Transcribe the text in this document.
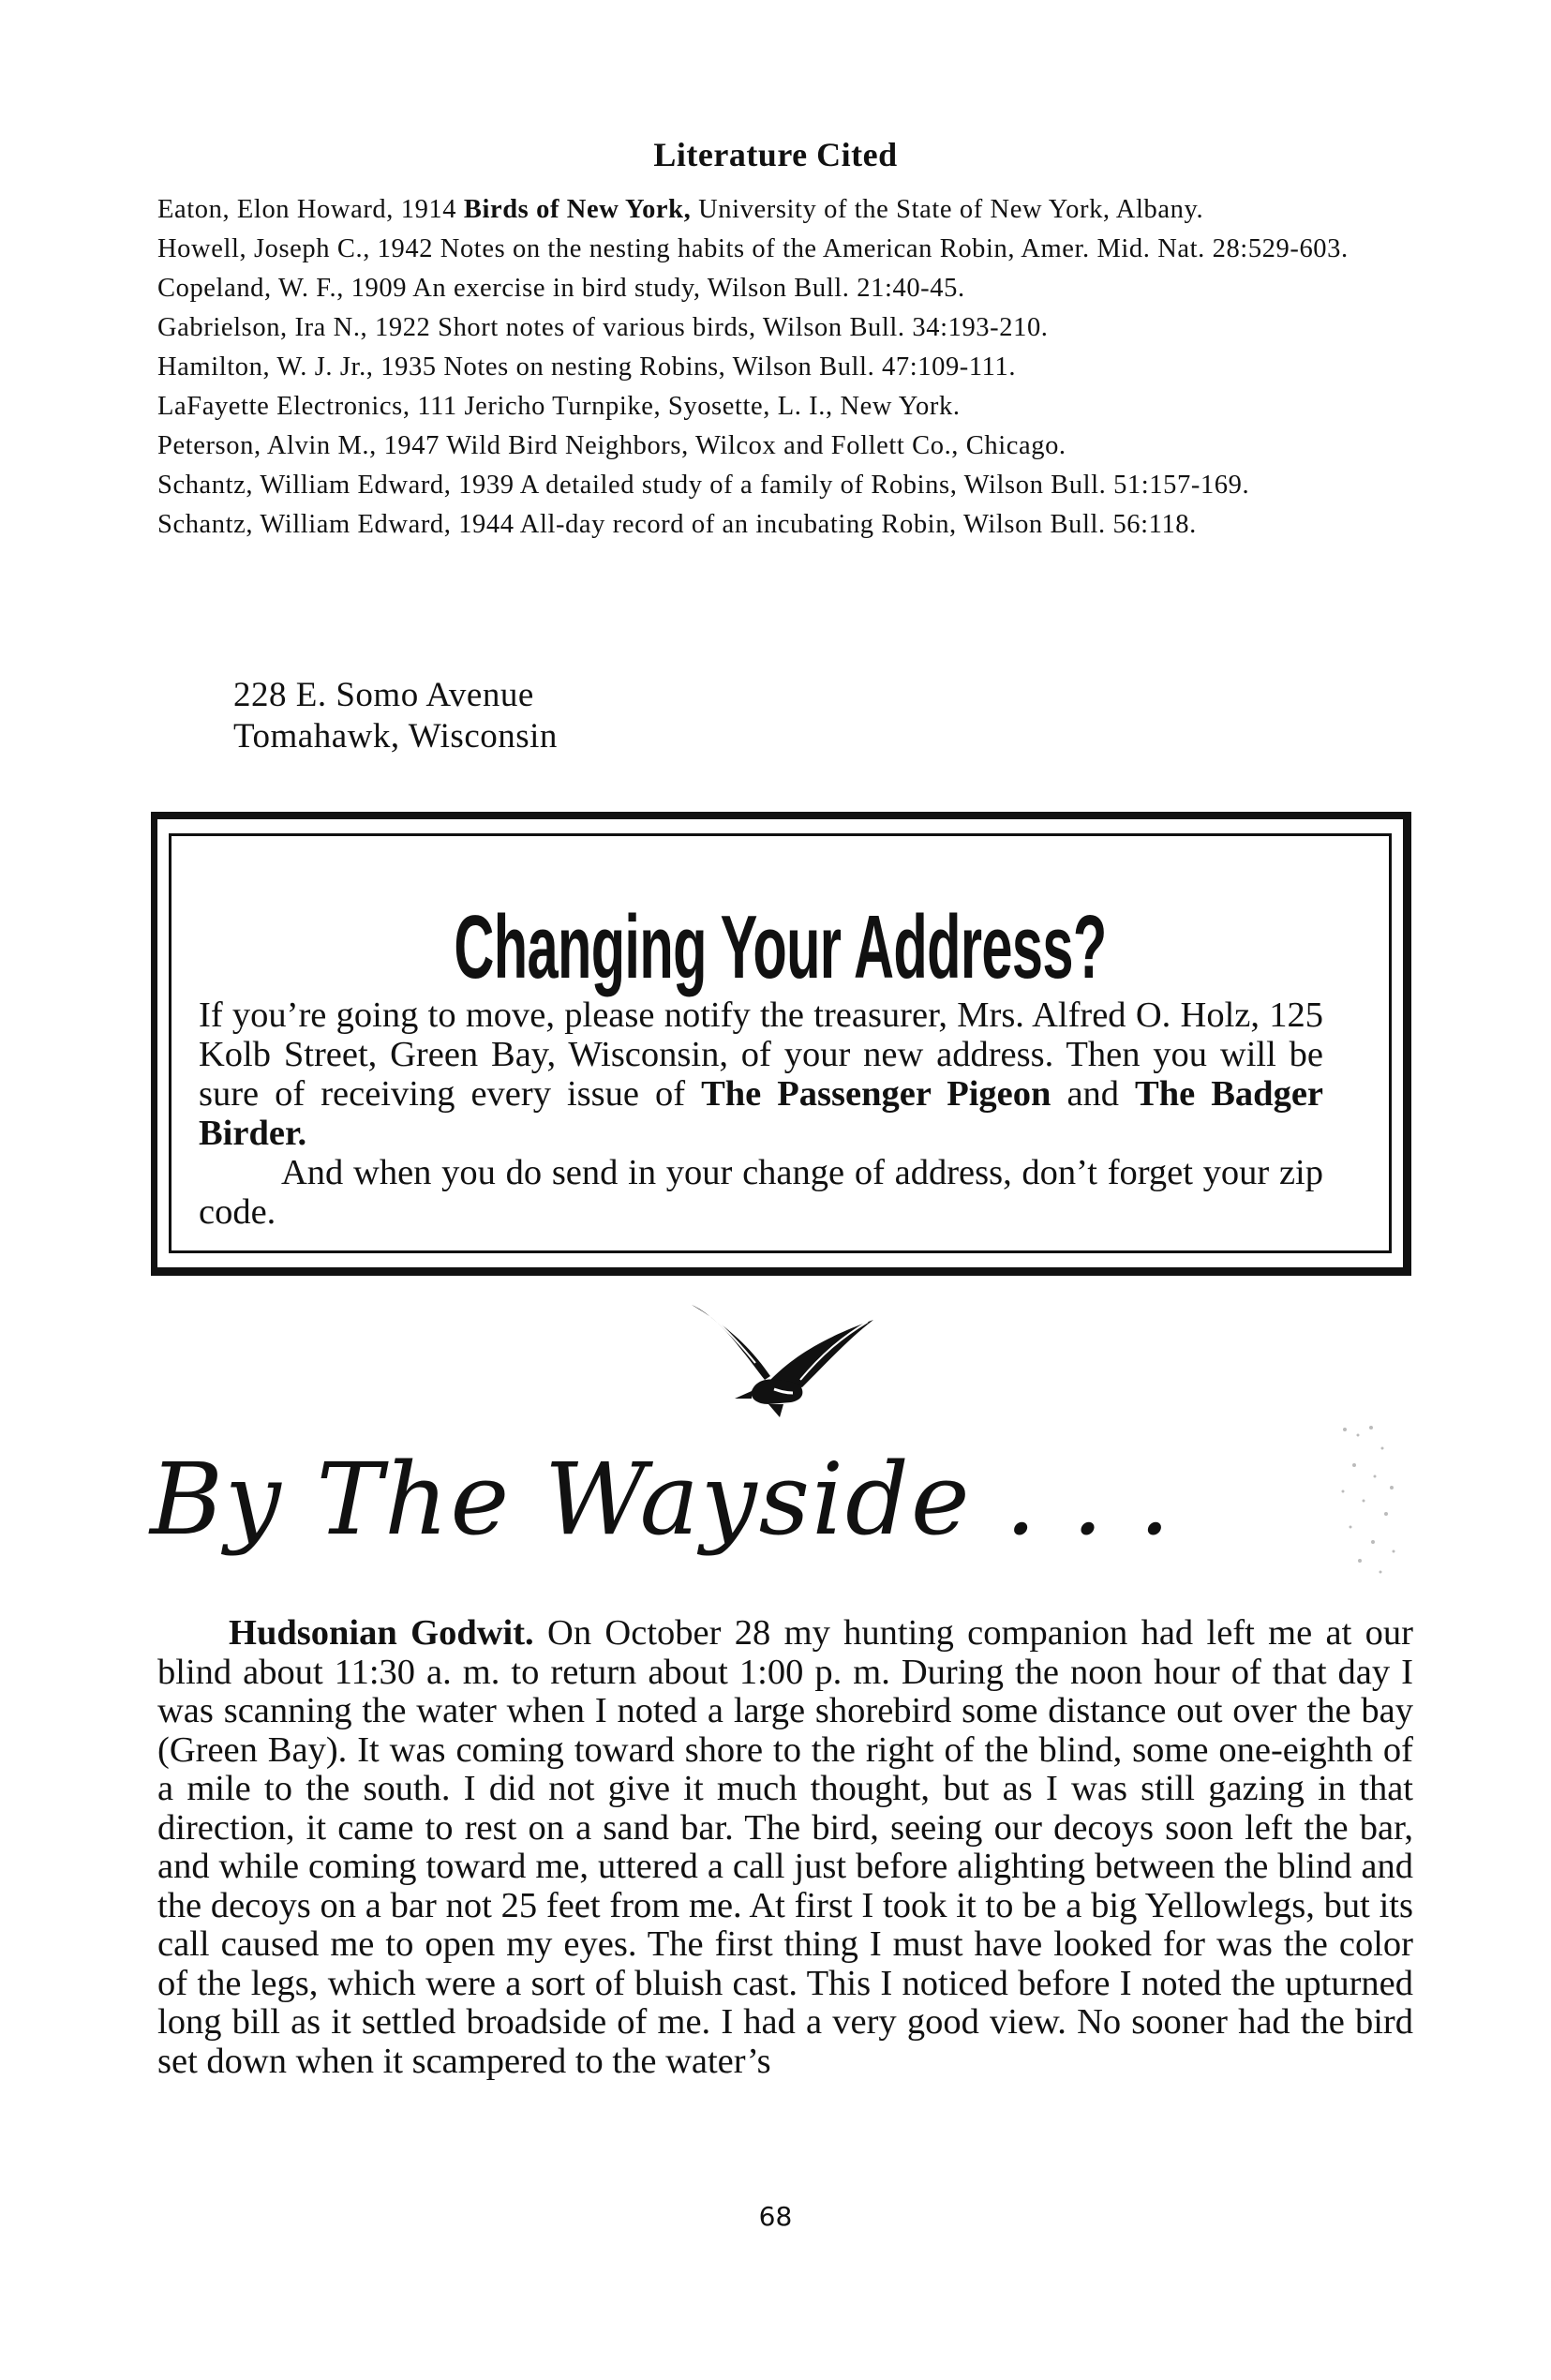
Literature Cited

Eaton, Elon Howard, 1914 Birds of New York, University of the State of New York, Albany.

Howell, Joseph C., 1942 Notes on the nesting habits of the American Robin, Amer. Mid. Nat. 28:529-603.

Copeland, W. F., 1909 An exercise in bird study, Wilson Bull. 21:40-45.

Gabrielson, Ira N., 1922 Short notes of various birds, Wilson Bull. 34:193-210.

Hamilton, W. J. Jr., 1935 Notes on nesting Robins, Wilson Bull. 47:109-111.

LaFayette Electronics, 111 Jericho Turnpike, Syosette, L. I., New York.

Peterson, Alvin M., 1947 Wild Bird Neighbors, Wilcox and Follett Co., Chicago.

Schantz, William Edward, 1939 A detailed study of a family of Robins, Wilson Bull. 51:157-169.

Schantz, William Edward, 1944 All-day record of an incubating Robin, Wilson Bull. 56:118.

228 E. Somo Avenue
Tomahawk, Wisconsin
Changing Your Address?

If you’re going to move, please notify the treasurer, Mrs. Alfred O. Holz, 125 Kolb Street, Green Bay, Wisconsin, of your new address. Then you will be sure of receiving every issue of The Passenger Pigeon and The Badger Birder.

And when you do send in your change of address, don’t forget your zip code.

By The Wayside . . .
Hudsonian Godwit. On October 28 my hunting companion had left me at our blind about 11:30 a. m. to return about 1:00 p. m. During the noon hour of that day I was scanning the water when I noted a large shorebird some distance out over the bay (Green Bay). It was coming toward shore to the right of the blind, some one-eighth of a mile to the south. I did not give it much thought, but as I was still gazing in that direction, it came to rest on a sand bar. The bird, seeing our decoys soon left the bar, and while coming toward me, uttered a call just before alighting between the blind and the decoys on a bar not 25 feet from me. At first I took it to be a big Yellowlegs, but its call caused me to open my eyes. The first thing I must have looked for was the color of the legs, which were a sort of bluish cast. This I noticed before I noted the upturned long bill as it settled broadside of me. I had a very good view. No sooner had the bird set down when it scampered to the water’s
68
